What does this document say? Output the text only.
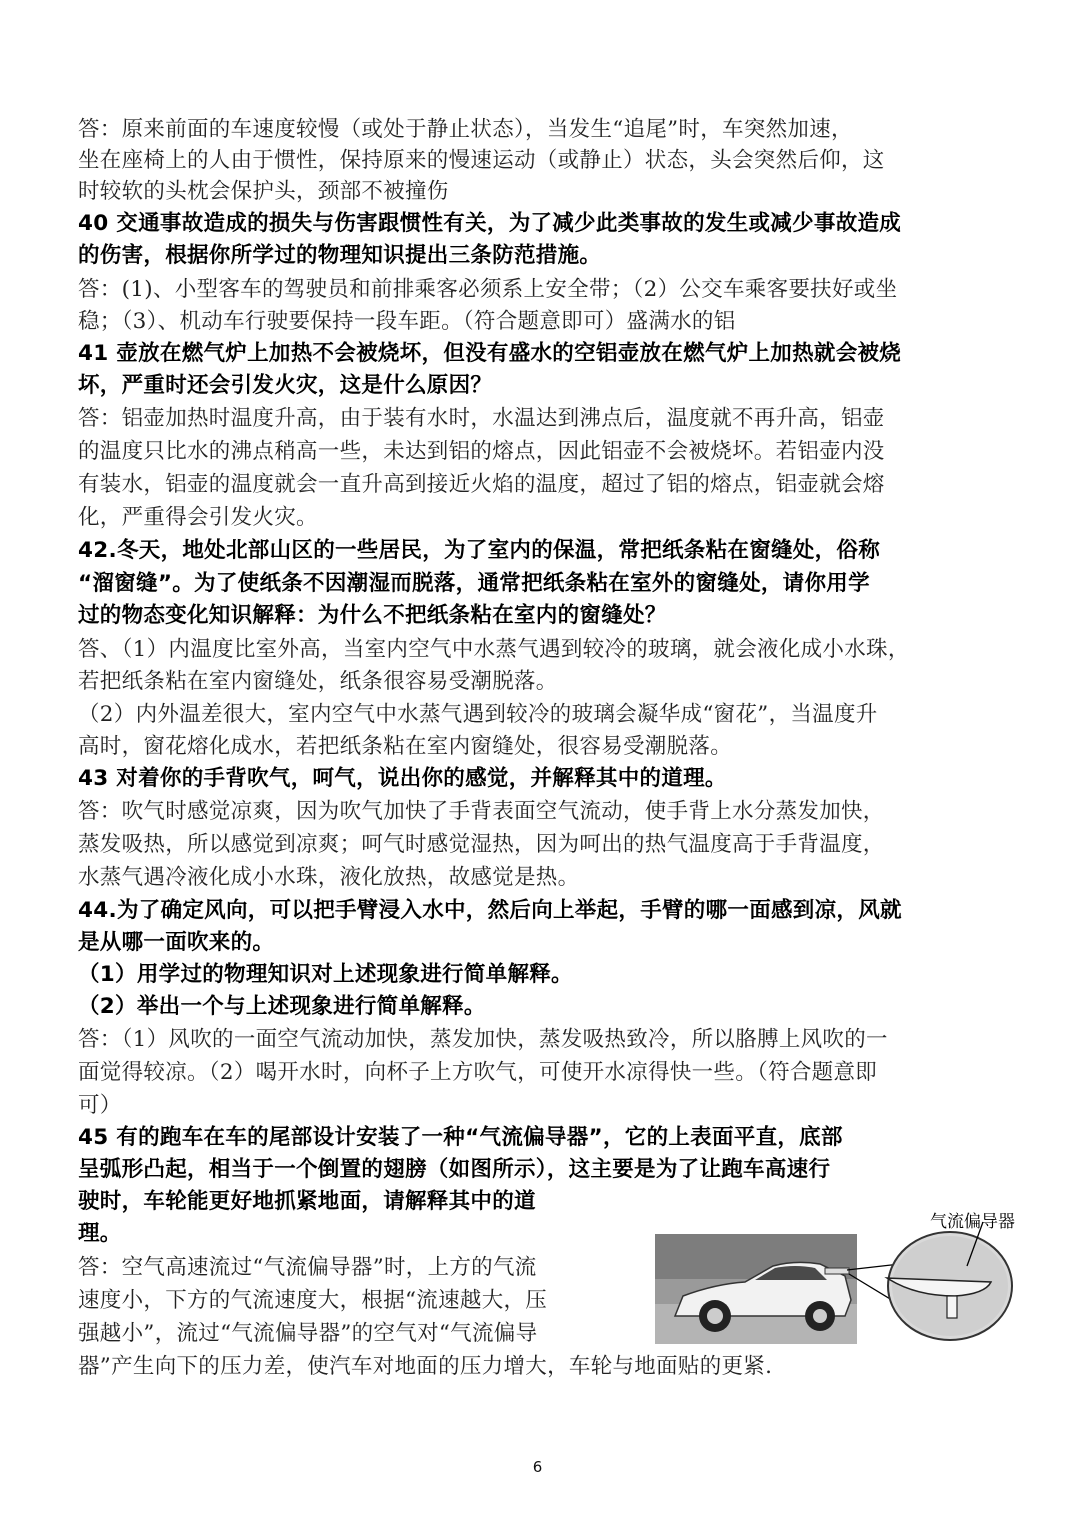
答：原来前面的车速度较慢（或处于静止状态），当发生“追尾”时，车突然加速，
坐在座椅上的人由于惯性，保持原来的慢速运动（或静止）状态，头会突然后仰，这
时较软的头枕会保护头，颈部不被撞伤
40 交通事故造成的损失与伤害跟惯性有关，为了减少此类事故的发生或减少事故造成
的伤害，根据你所学过的物理知识提出三条防范措施。
答：(1)、小型客车的驾驶员和前排乘客必须系上安全带；（2）公交车乘客要扶好或坐
稳；（3）、机动车行驶要保持一段车距。（符合题意即可）盛满水的铝
41 壶放在燃气炉上加热不会被烧坏，但没有盛水的空铝壶放在燃气炉上加热就会被烧
坏，严重时还会引发火灾，这是什么原因？
答：铝壶加热时温度升高，由于装有水时，水温达到沸点后，温度就不再升高，铝壶
的温度只比水的沸点稍高一些，未达到铝的熔点，因此铝壶不会被烧坏。若铝壶内没
有装水，铝壶的温度就会一直升高到接近火焰的温度，超过了铝的熔点，铝壶就会熔
化，严重得会引发火灾。
42.冬天，地处北部山区的一些居民，为了室内的保温，常把纸条粘在窗缝处，俗称
“溜窗缝”。为了使纸条不因潮湿而脱落，通常把纸条粘在室外的窗缝处，请你用学
过的物态变化知识解释：为什么不把纸条粘在室内的窗缝处？
答、（1）内温度比室外高，当室内空气中水蒸气遇到较冷的玻璃，就会液化成小水珠，
若把纸条粘在室内窗缝处，纸条很容易受潮脱落。
（2）内外温差很大，室内空气中水蒸气遇到较冷的玻璃会凝华成“窗花”，当温度升
高时，窗花熔化成水，若把纸条粘在室内窗缝处，很容易受潮脱落。
43 对着你的手背吹气，呵气，说出你的感觉，并解释其中的道理。
答：吹气时感觉凉爽，因为吹气加快了手背表面空气流动，使手背上水分蒸发加快，
蒸发吸热，所以感觉到凉爽；呵气时感觉湿热，因为呵出的热气温度高于手背温度，
水蒸气遇冷液化成小水珠，液化放热，故感觉是热。
44.为了确定风向，可以把手臂浸入水中，然后向上举起，手臂的哪一面感到凉，风就
是从哪一面吹来的。
（1）用学过的物理知识对上述现象进行简单解释。
（2）举出一个与上述现象进行简单解释。
答：（1）风吹的一面空气流动加快，蒸发加快，蒸发吸热致冷，所以胳膊上风吹的一
面觉得较凉。（2）喝开水时，向杯子上方吹气，可使开水凉得快一些。（符合题意即
可）
45 有的跑车在车的尾部设计安装了一种“气流偏导器”，它的上表面平直，底部
呈弧形凸起，相当于一个倒置的翅膀（如图所示），这主要是为了让跑车高速行
驶时，车轮能更好地抓紧地面，请解释其中的道
理。
答：空气高速流过“气流偏导器”时，上方的气流
速度小，下方的气流速度大，根据“流速越大，压
强越小”，流过“气流偏导器”的空气对“气流偏导
器”产生向下的压力差，使汽车对地面的压力增大，车轮与地面贴的更紧.
气流偏导器
6
